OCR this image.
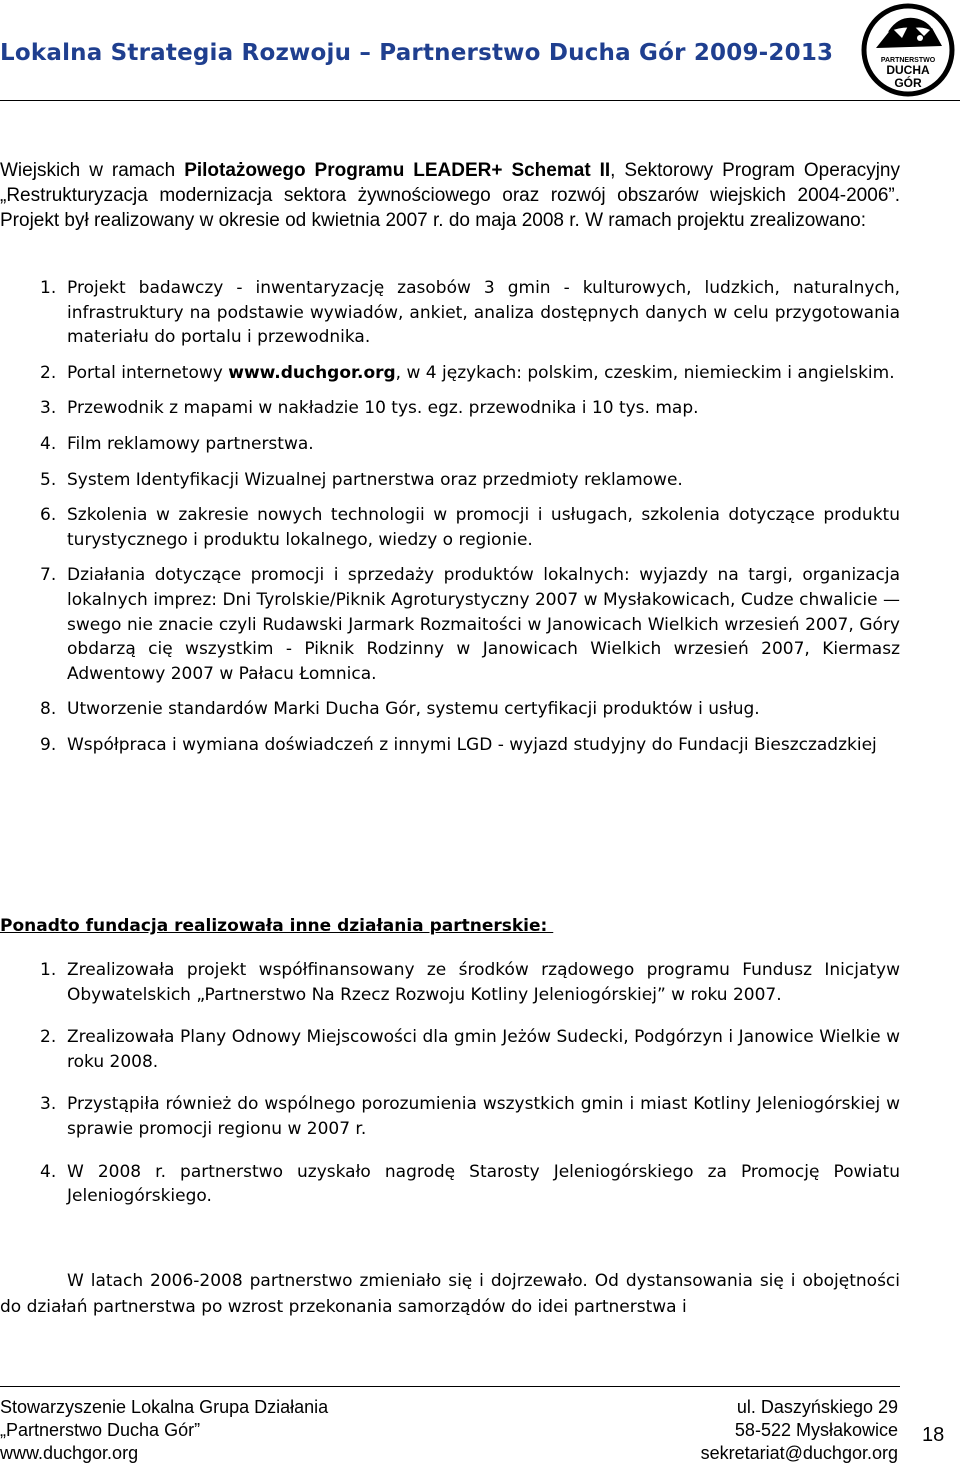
Lokalna Strategia Rozwoju – Partnerstwo Ducha Gór 2009-2013	PARTNERSTWO
DUCHA
GÓR
Wiejskich w ramach Pilotażowego Programu LEADER+ Schemat II, Sektorowy Program Operacyjny „Restrukturyzacja modernizacja sektora żywnościowego oraz rozwój obszarów wiejskich 2004-2006”. Projekt był realizowany w okresie od kwietnia 2007 r. do maja 2008 r. W ramach projektu zrealizowano:
1. Projekt badawczy - inwentaryzację zasobów 3 gmin - kulturowych, ludzkich, naturalnych, infrastruktury na podstawie wywiadów, ankiet, analiza dostępnych danych w celu przygotowania materiału do portalu i przewodnika.
2. Portal internetowy www.duchgor.org, w 4 językach: polskim, czeskim, niemieckim i angielskim.
3. Przewodnik z mapami w nakładzie 10 tys. egz. przewodnika i 10 tys. map.
4. Film reklamowy partnerstwa.
5. System Identyfikacji Wizualnej partnerstwa oraz przedmioty reklamowe.
6. Szkolenia w zakresie nowych technologii w promocji i usługach, szkolenia dotyczące produktu turystycznego i produktu lokalnego, wiedzy o regionie.
7. Działania dotyczące promocji i sprzedaży produktów lokalnych: wyjazdy na targi, organizacja lokalnych imprez: Dni Tyrolskie/Piknik Agroturystyczny 2007 w Mysłakowicach, Cudze chwalicie — swego nie znacie czyli Rudawski Jarmark Rozmaitości w Janowicach Wielkich wrzesień 2007, Góry obdarzą cię wszystkim - Piknik Rodzinny w Janowicach Wielkich wrzesień 2007, Kiermasz Adwentowy 2007 w Pałacu Łomnica.
8. Utworzenie standardów Marki Ducha Gór, systemu certyfikacji produktów i usług.
9. Współpraca i wymiana doświadczeń z innymi LGD - wyjazd studyjny do Fundacji Bieszczadzkiej
Ponadto fundacja realizowała inne działania partnerskie:
1. Zrealizowała projekt współfinansowany ze środków rządowego programu Fundusz Inicjatyw Obywatelskich „Partnerstwo Na Rzecz Rozwoju Kotliny Jeleniogórskiej” w roku 2007.
2. Zrealizowała Plany Odnowy Miejscowości dla gmin Jeżów Sudecki, Podgórzyn i Janowice Wielkie w roku 2008.
3. Przystąpiła również do wspólnego porozumienia wszystkich gmin i miast Kotliny Jeleniogórskiej w sprawie promocji regionu w 2007 r.
4. W 2008 r. partnerstwo uzyskało nagrodę Starosty Jeleniogórskiego za Promocję Powiatu Jeleniogórskiego.
W latach 2006-2008 partnerstwo zmieniało się i dojrzewało. Od dystansowania się i obojętności do działań partnerstwa po wzrost przekonania samorządów do idei partnerstwa i
Stowarzyszenie Lokalna Grupa Działania
„Partnerstwo Ducha Gór”
www.duchgor.org
ul. Daszyńskiego 29
58-522 Mysłakowice
sekretariat@duchgor.org
18
